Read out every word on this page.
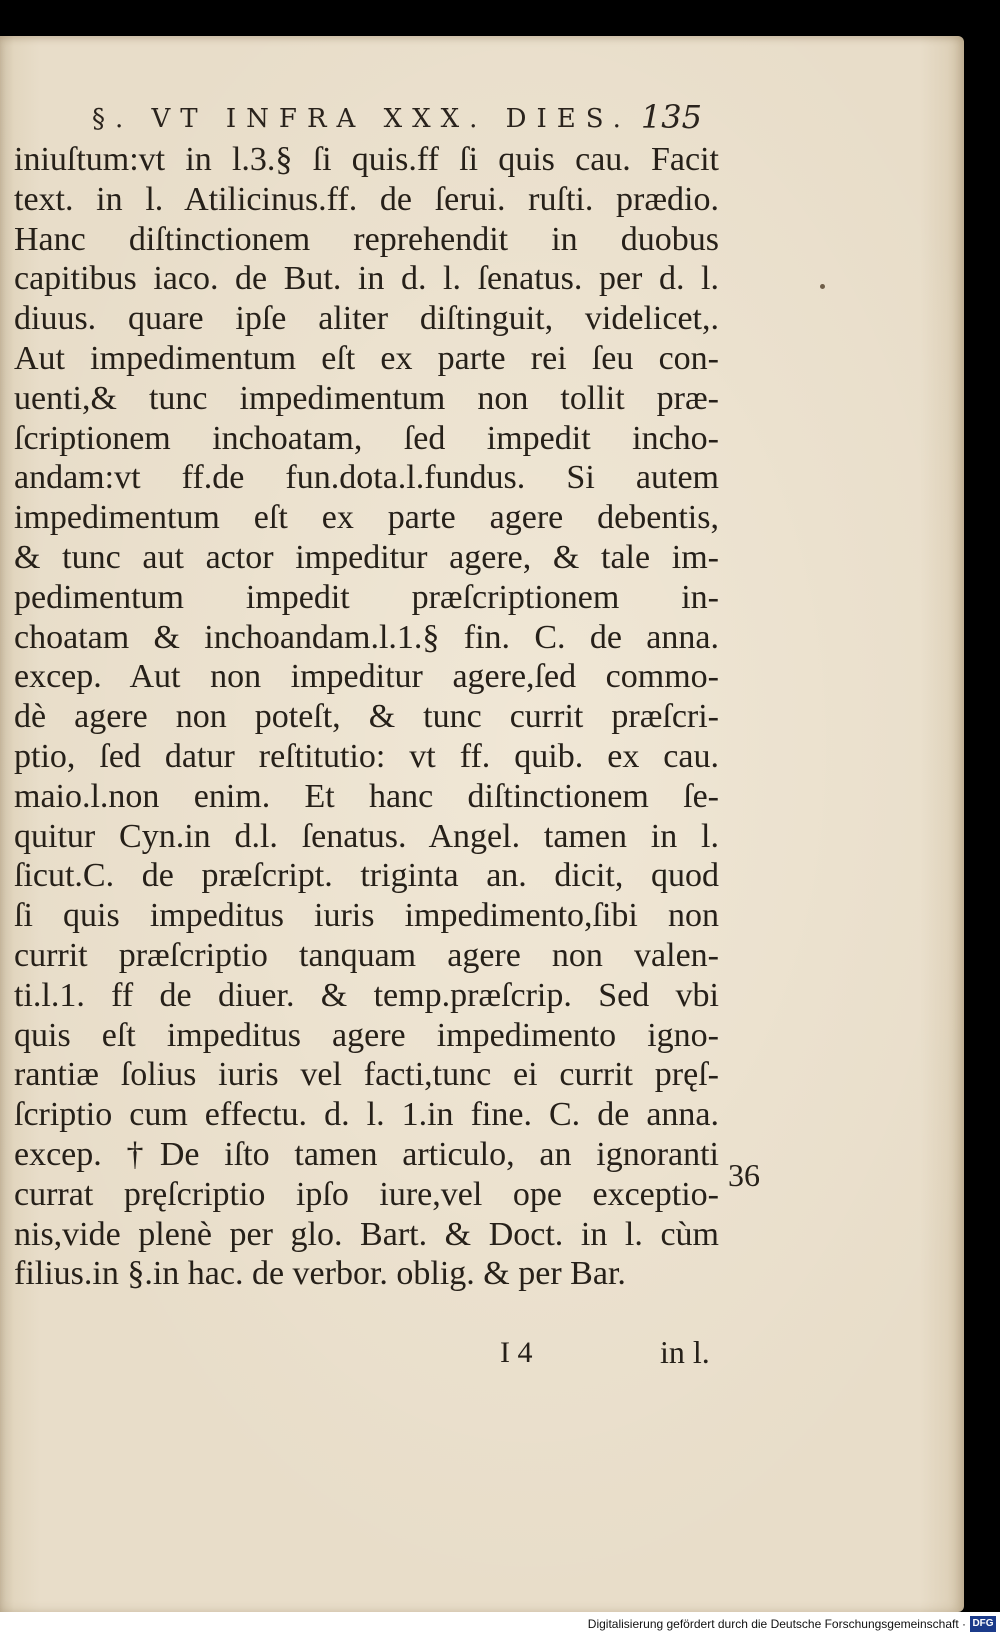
§. VT INFRA XXX. DIES. 135
iniuſtum:vt in l.3.§ ſi quis.ff ſi quis cau. Facit
text. in l. Atilicinus.ff. de ſerui. ruſti. prædio.
Hanc diſtinctionem reprehendit in duobus
capitibus iaco. de But. in d. l. ſenatus. per d. l.
diuus. quare ipſe aliter diſtinguit, videlicet,.
Aut impedimentum eſt ex parte rei ſeu con-
uenti,& tunc impedimentum non tollit præ-
ſcriptionem inchoatam, ſed impedit incho-
andam:vt ff.de fun.dota.l.fundus. Si autem
impedimentum eſt ex parte agere debentis,
& tunc aut actor impeditur agere, & tale im-
pedimentum impedit præſcriptionem in-
choatam & inchoandam.l.1.§ fin. C. de anna.
excep. Aut non impeditur agere,ſed commo-
dè agere non poteſt, & tunc currit præſcri-
ptio, ſed datur reſtitutio: vt ff. quib. ex cau.
maio.l.non enim. Et hanc diſtinctionem ſe-
quitur Cyn.in d.l. ſenatus. Angel. tamen in l.
ſicut.C. de præſcript. triginta an. dicit, quod
ſi quis impeditus iuris impedimento,ſibi non
currit præſcriptio tanquam agere non valen-
ti.l.1. ff de diuer. & temp.præſcrip. Sed vbi
quis eſt impeditus agere impedimento igno-
rantiæ ſolius iuris vel facti,tunc ei currit pręſ-
ſcriptio cum effectu. d. l. 1.in fine. C. de anna.
excep. †De iſto tamen articulo, an ignoranti
currat pręſcriptio ipſo iure,vel ope exceptio-
nis,vide plenè per glo. Bart. & Doct. in l. cùm
filius.in §.in hac. de verbor. oblig. & per Bar.
36
I 4	in l.
Digitalisierung gefördert durch die Deutsche Forschungsgemeinschaft · DFG
